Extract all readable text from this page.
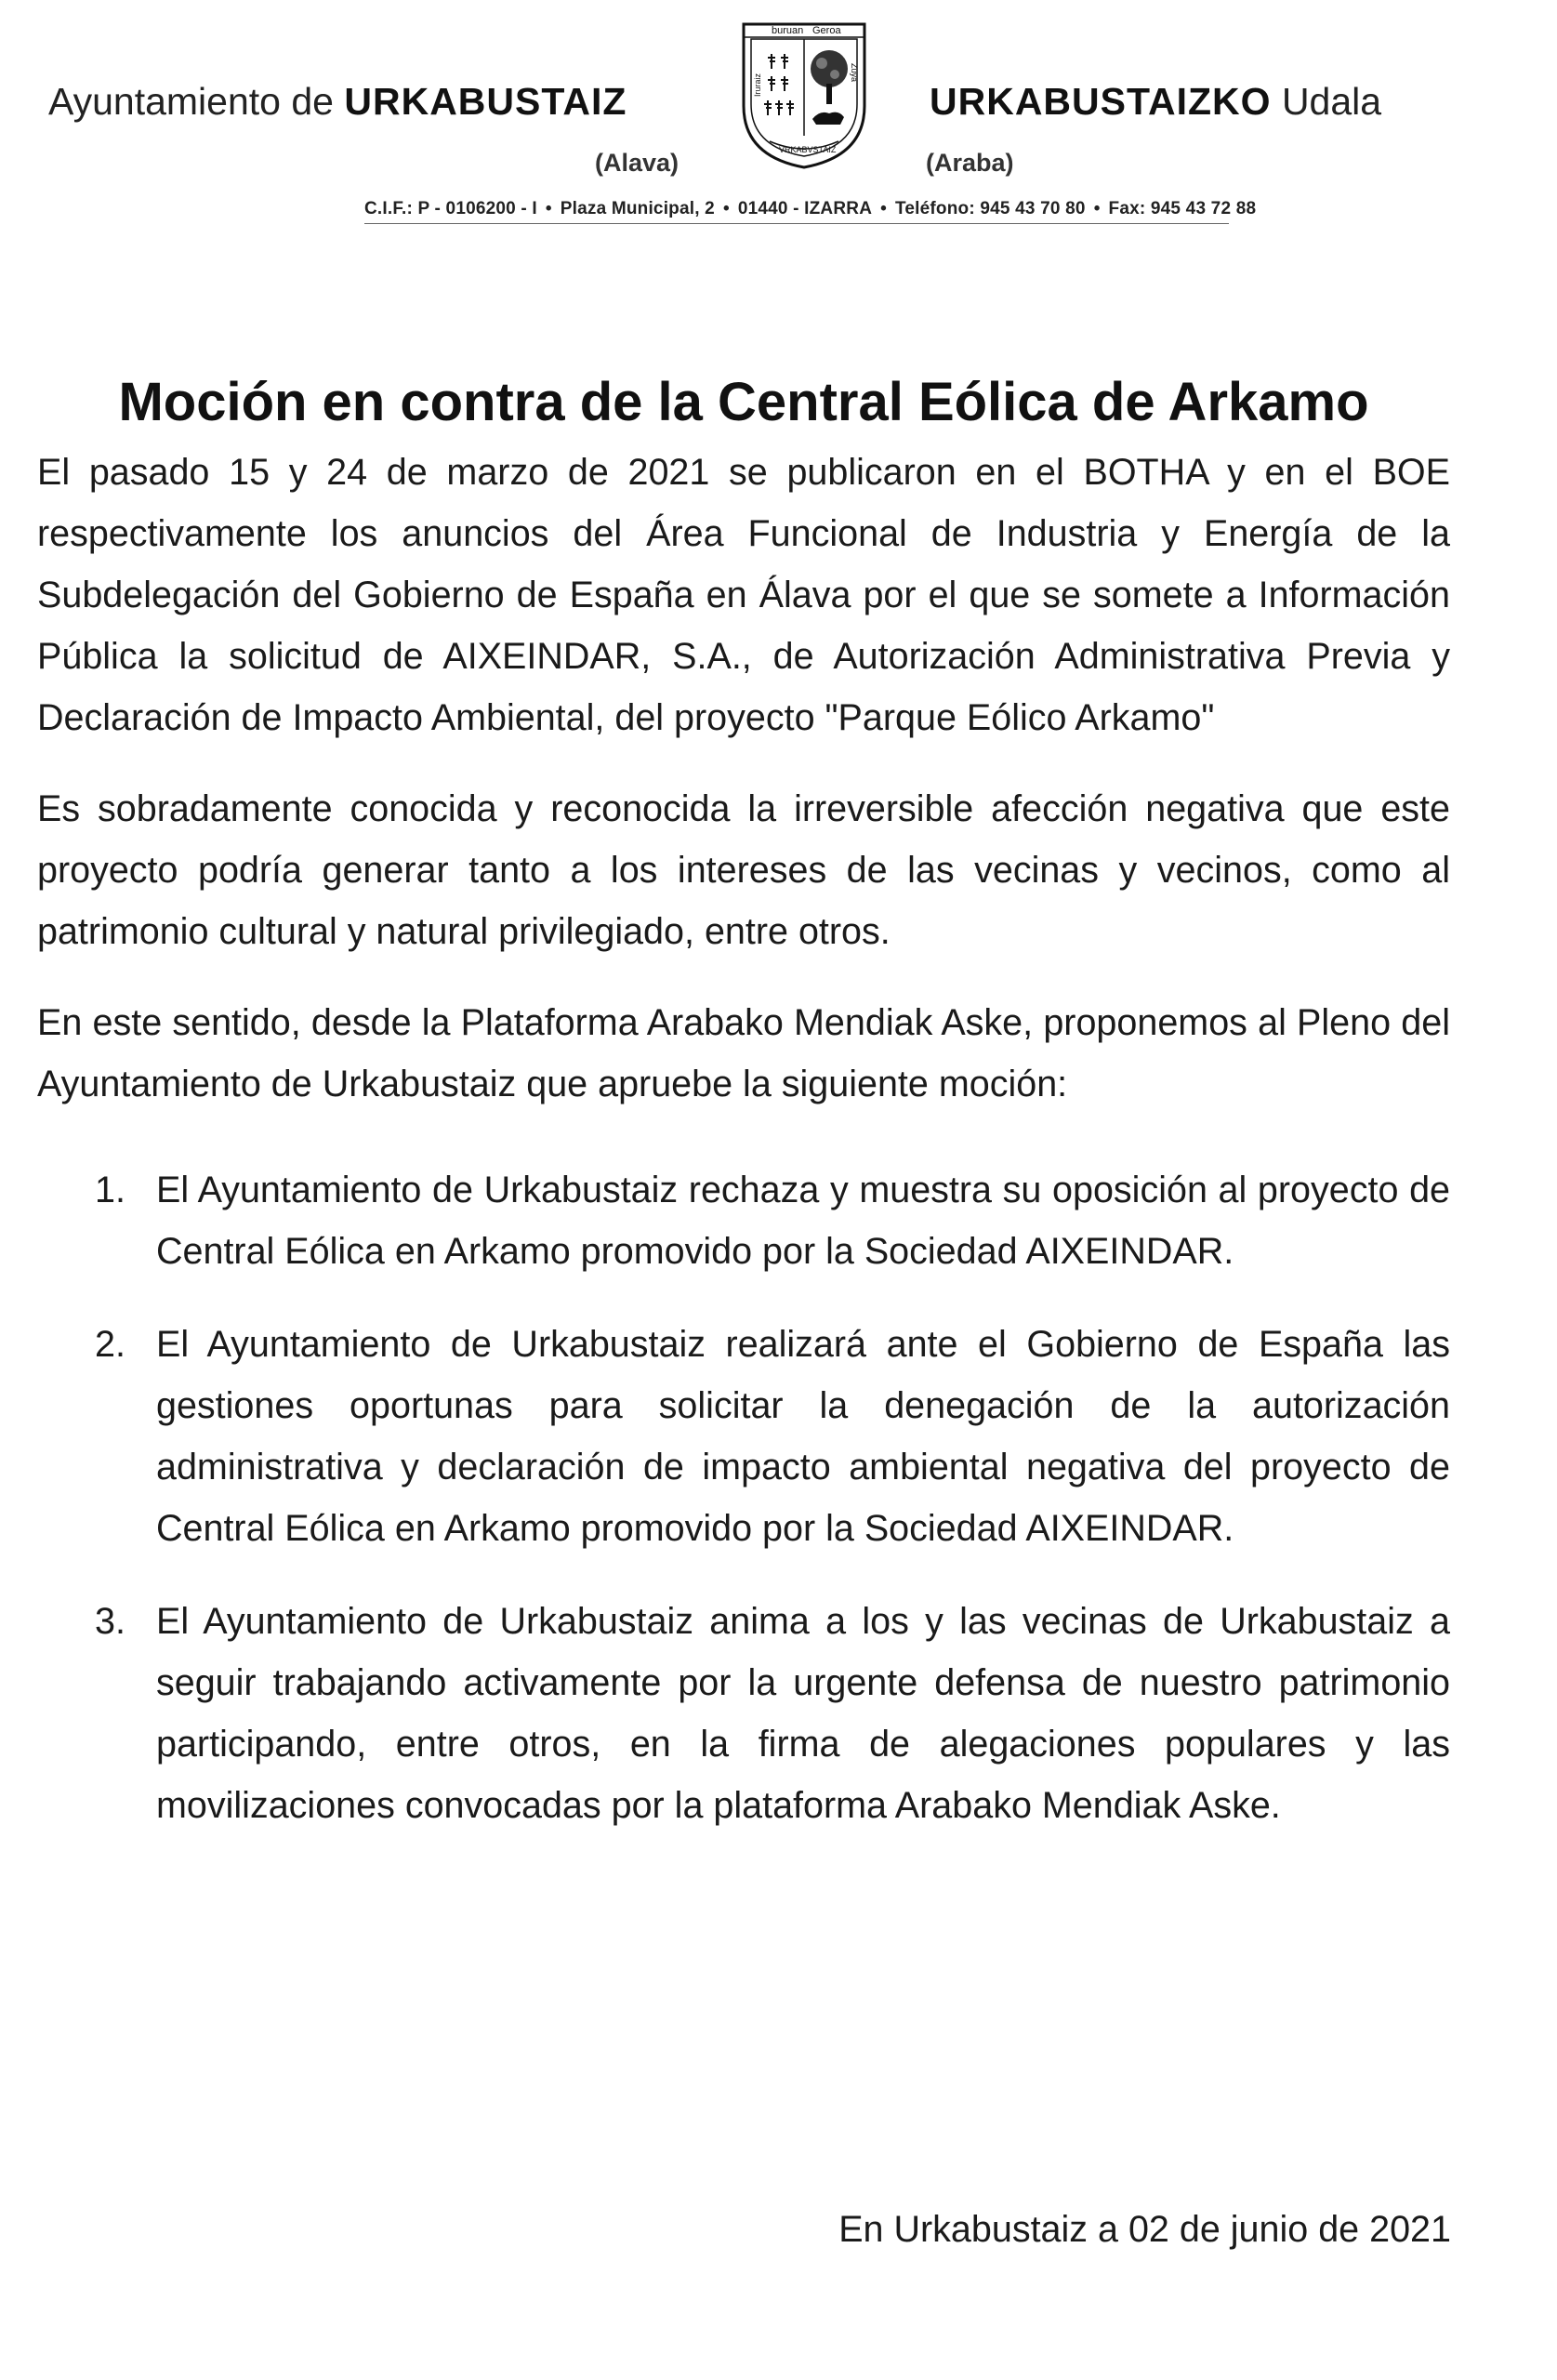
Ayuntamiento de URKABUSTAIZ
(Alava)
buruan Geroa
Iruraiz
Zuya
VRKABVSTAIZ
URKABUSTAIZKO Udala
(Araba)
C.I.F.: P - 0106200 - I • Plaza Municipal, 2 • 01440 - IZARRA • Teléfono: 945 43 70 80 • Fax: 945 43 72 88
Moción en contra de la Central Eólica de Arkamo

El pasado 15 y 24 de marzo de 2021 se publicaron en el BOTHA y en el BOE respectivamente los anuncios del Área Funcional de Industria y Energía de la Subdelegación del Gobierno de España en Álava por el que se somete a Información Pública la solicitud de AIXEINDAR, S.A., de Autorización Administrativa Previa y Declaración de Impacto Ambiental, del proyecto "Parque Eólico Arkamo"

Es sobradamente conocida y reconocida la irreversible afección negativa que este proyecto podría generar tanto a los intereses de las vecinas y vecinos, como al patrimonio cultural y natural privilegiado, entre otros.

En este sentido, desde la Plataforma Arabako Mendiak Aske, proponemos al Pleno del Ayuntamiento de Urkabustaiz que apruebe la siguiente moción:

1. El Ayuntamiento de Urkabustaiz rechaza y muestra su oposición al proyecto de Central Eólica en Arkamo promovido por la Sociedad AIXEINDAR.
2. El Ayuntamiento de Urkabustaiz realizará ante el Gobierno de España las gestiones oportunas para solicitar la denegación de la autorización administrativa y declaración de impacto ambiental negativa del proyecto de Central Eólica en Arkamo promovido por la Sociedad AIXEINDAR.
3. El Ayuntamiento de Urkabustaiz anima a los y las vecinas de Urkabustaiz a seguir trabajando activamente por la urgente defensa de nuestro patrimonio participando, entre otros, en la firma de alegaciones populares y las movilizaciones convocadas por la plataforma Arabako Mendiak Aske.
En Urkabustaiz a 02 de junio de 2021
